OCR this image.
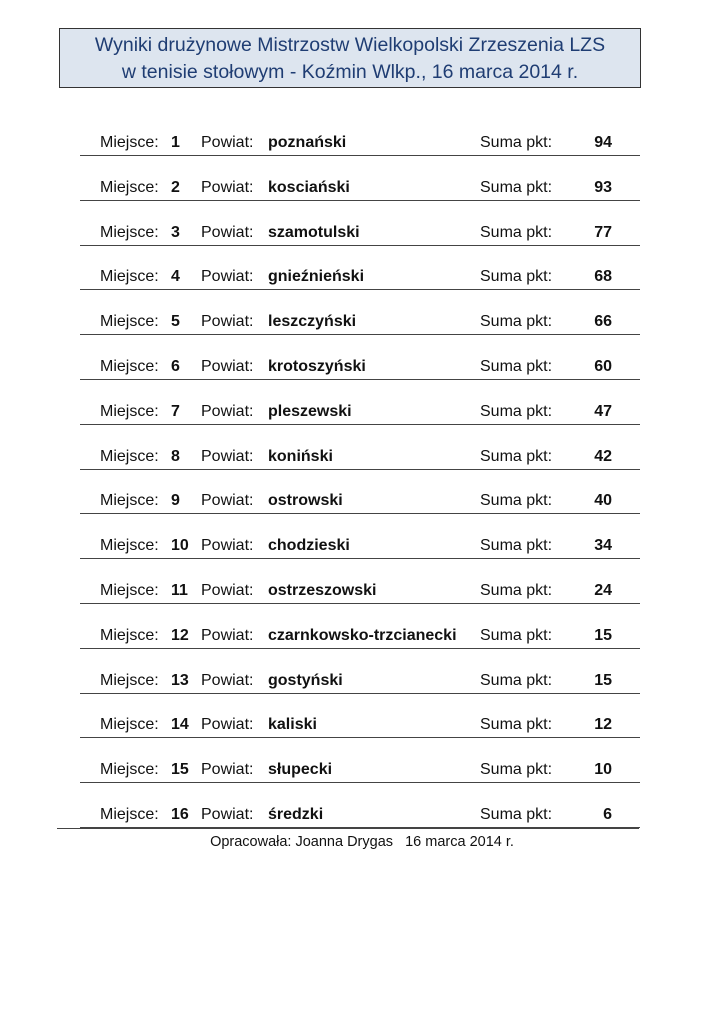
Wyniki drużynowe Mistrzostw Wielkopolski Zrzeszenia LZS
w tenisie stołowym - Koźmin Wlkp., 16 marca 2014 r.
Miejsce: 1 Powiat: poznański	Suma pkt:	94
Miejsce: 2 Powiat: kosciański	Suma pkt:	93
Miejsce: 3 Powiat: szamotulski	Suma pkt:	77
Miejsce: 4 Powiat: gnieźnieński	Suma pkt:	68
Miejsce: 5 Powiat: leszczyński	Suma pkt:	66
Miejsce: 6 Powiat: krotoszyński	Suma pkt:	60
Miejsce: 7 Powiat: pleszewski	Suma pkt:	47
Miejsce: 8 Powiat: koniński	Suma pkt:	42
Miejsce: 9 Powiat: ostrowski	Suma pkt:	40
Miejsce: 10 Powiat: chodzieski	Suma pkt:	34
Miejsce: 11 Powiat: ostrzeszowski	Suma pkt:	24
Miejsce: 12 Powiat: czarnkowsko-trzcianecki Suma pkt:	15
Miejsce: 13 Powiat: gostyński	Suma pkt:	15
Miejsce: 14 Powiat: kaliski	Suma pkt:	12
Miejsce: 15 Powiat: słupecki	Suma pkt:	10
Miejsce: 16 Powiat: średzki	Suma pkt:	6
Opracowała: Joanna Drygas   16 marca 2014 r.
